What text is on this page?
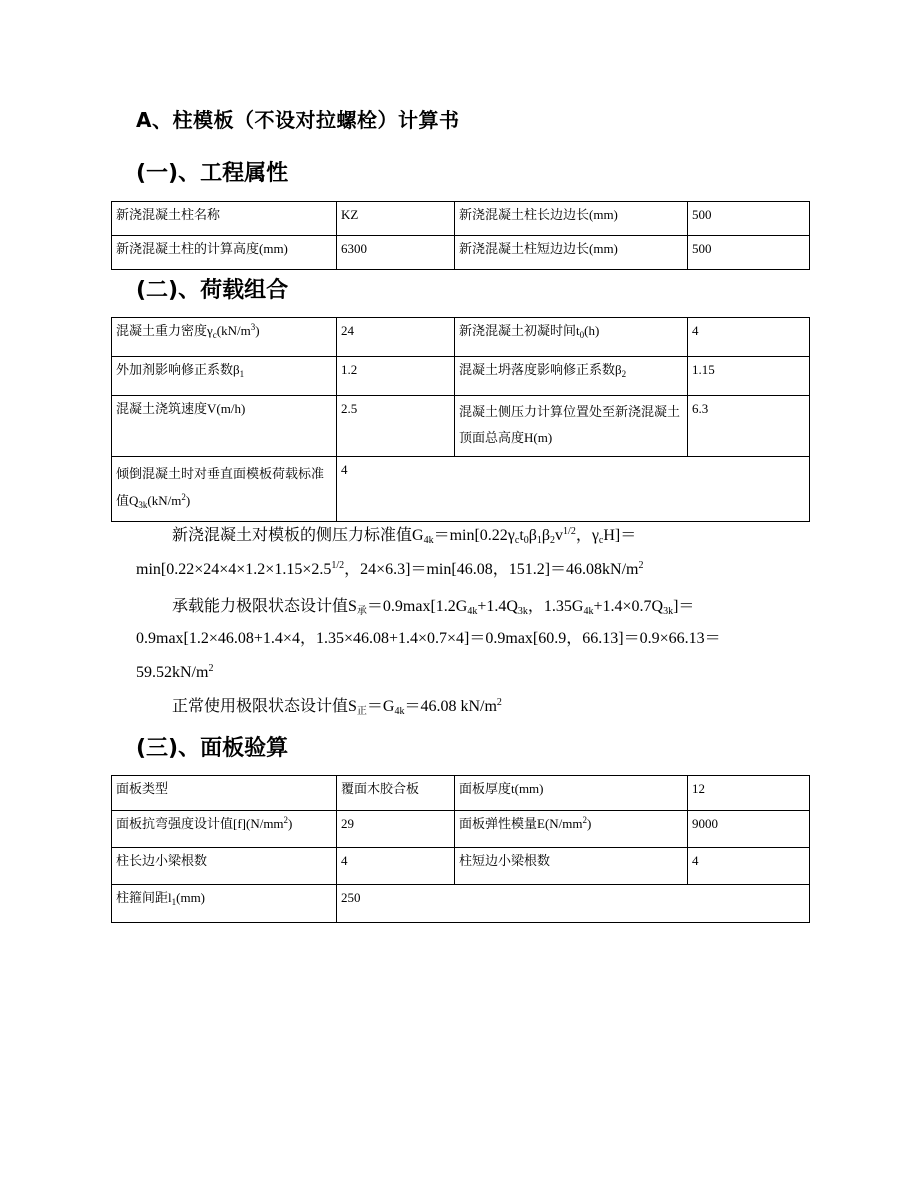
A、柱模板（不设对拉螺栓）计算书
(一)、工程属性
新浇混凝土柱名称	KZ	新浇混凝土柱长边边长(mm)	500
新浇混凝土柱的计算高度(mm)	6300	新浇混凝土柱短边边长(mm)	500
(二)、荷载组合
混凝土重力密度$\gamma_c(kN/m^3)$	24	新浇混凝土初凝时间$t_0(h)$	4
外加剂影响修正系数$\beta_1$	1.2	混凝土坍落度影响修正系数$\beta_2$	1.15
混凝土浇筑速度V(m/h)	2.5	混凝土侧压力计算位置处至新浇混凝土顶面总高度H(m)	6.3
倾倒混凝土时对垂直面模板荷载标准值$Q_{3k}(kN/m^2)$	4		
新浇混凝土对模板的侧压力标准值$G_{4k}=\min[0.22\gamma_ct_0\beta_1\beta_2v^{1/2}$，$\gamma_cH]=$
$\min[0.22\times 24\times 4\times 1.2\times 1.15\times 2.5^{1/2}$，24×6.3]＝min[46.08，$151.2]=46.08kN/m^2$
承载能力极限状态设计值$S_承=0.9\max[1.2G_{4k}+1.4Q_{3k}$，$1.35G_{4k}+1.4\times 0.7Q_{3k}]=$
0.9max[1.2×46.08+1.4×4，1.35×46.08+1.4×0.7×4]＝0.9max[60.9，66.13]＝0.9×66.13＝
$59.52kN/m^2$
正常使用极限状态设计值$S_正=G_{4k}=46.08$ $kN/m^2$
(三)、面板验算
面板类型	覆面木胶合板	面板厚度t(mm)	12
面板抗弯强度设计值$[f](N/mm^2)$	29	面板弹性模量$E(N/mm^2)$	9000
柱长边小梁根数	4	柱短边小梁根数	4
柱箍间距$l_1(mm)$	250		
